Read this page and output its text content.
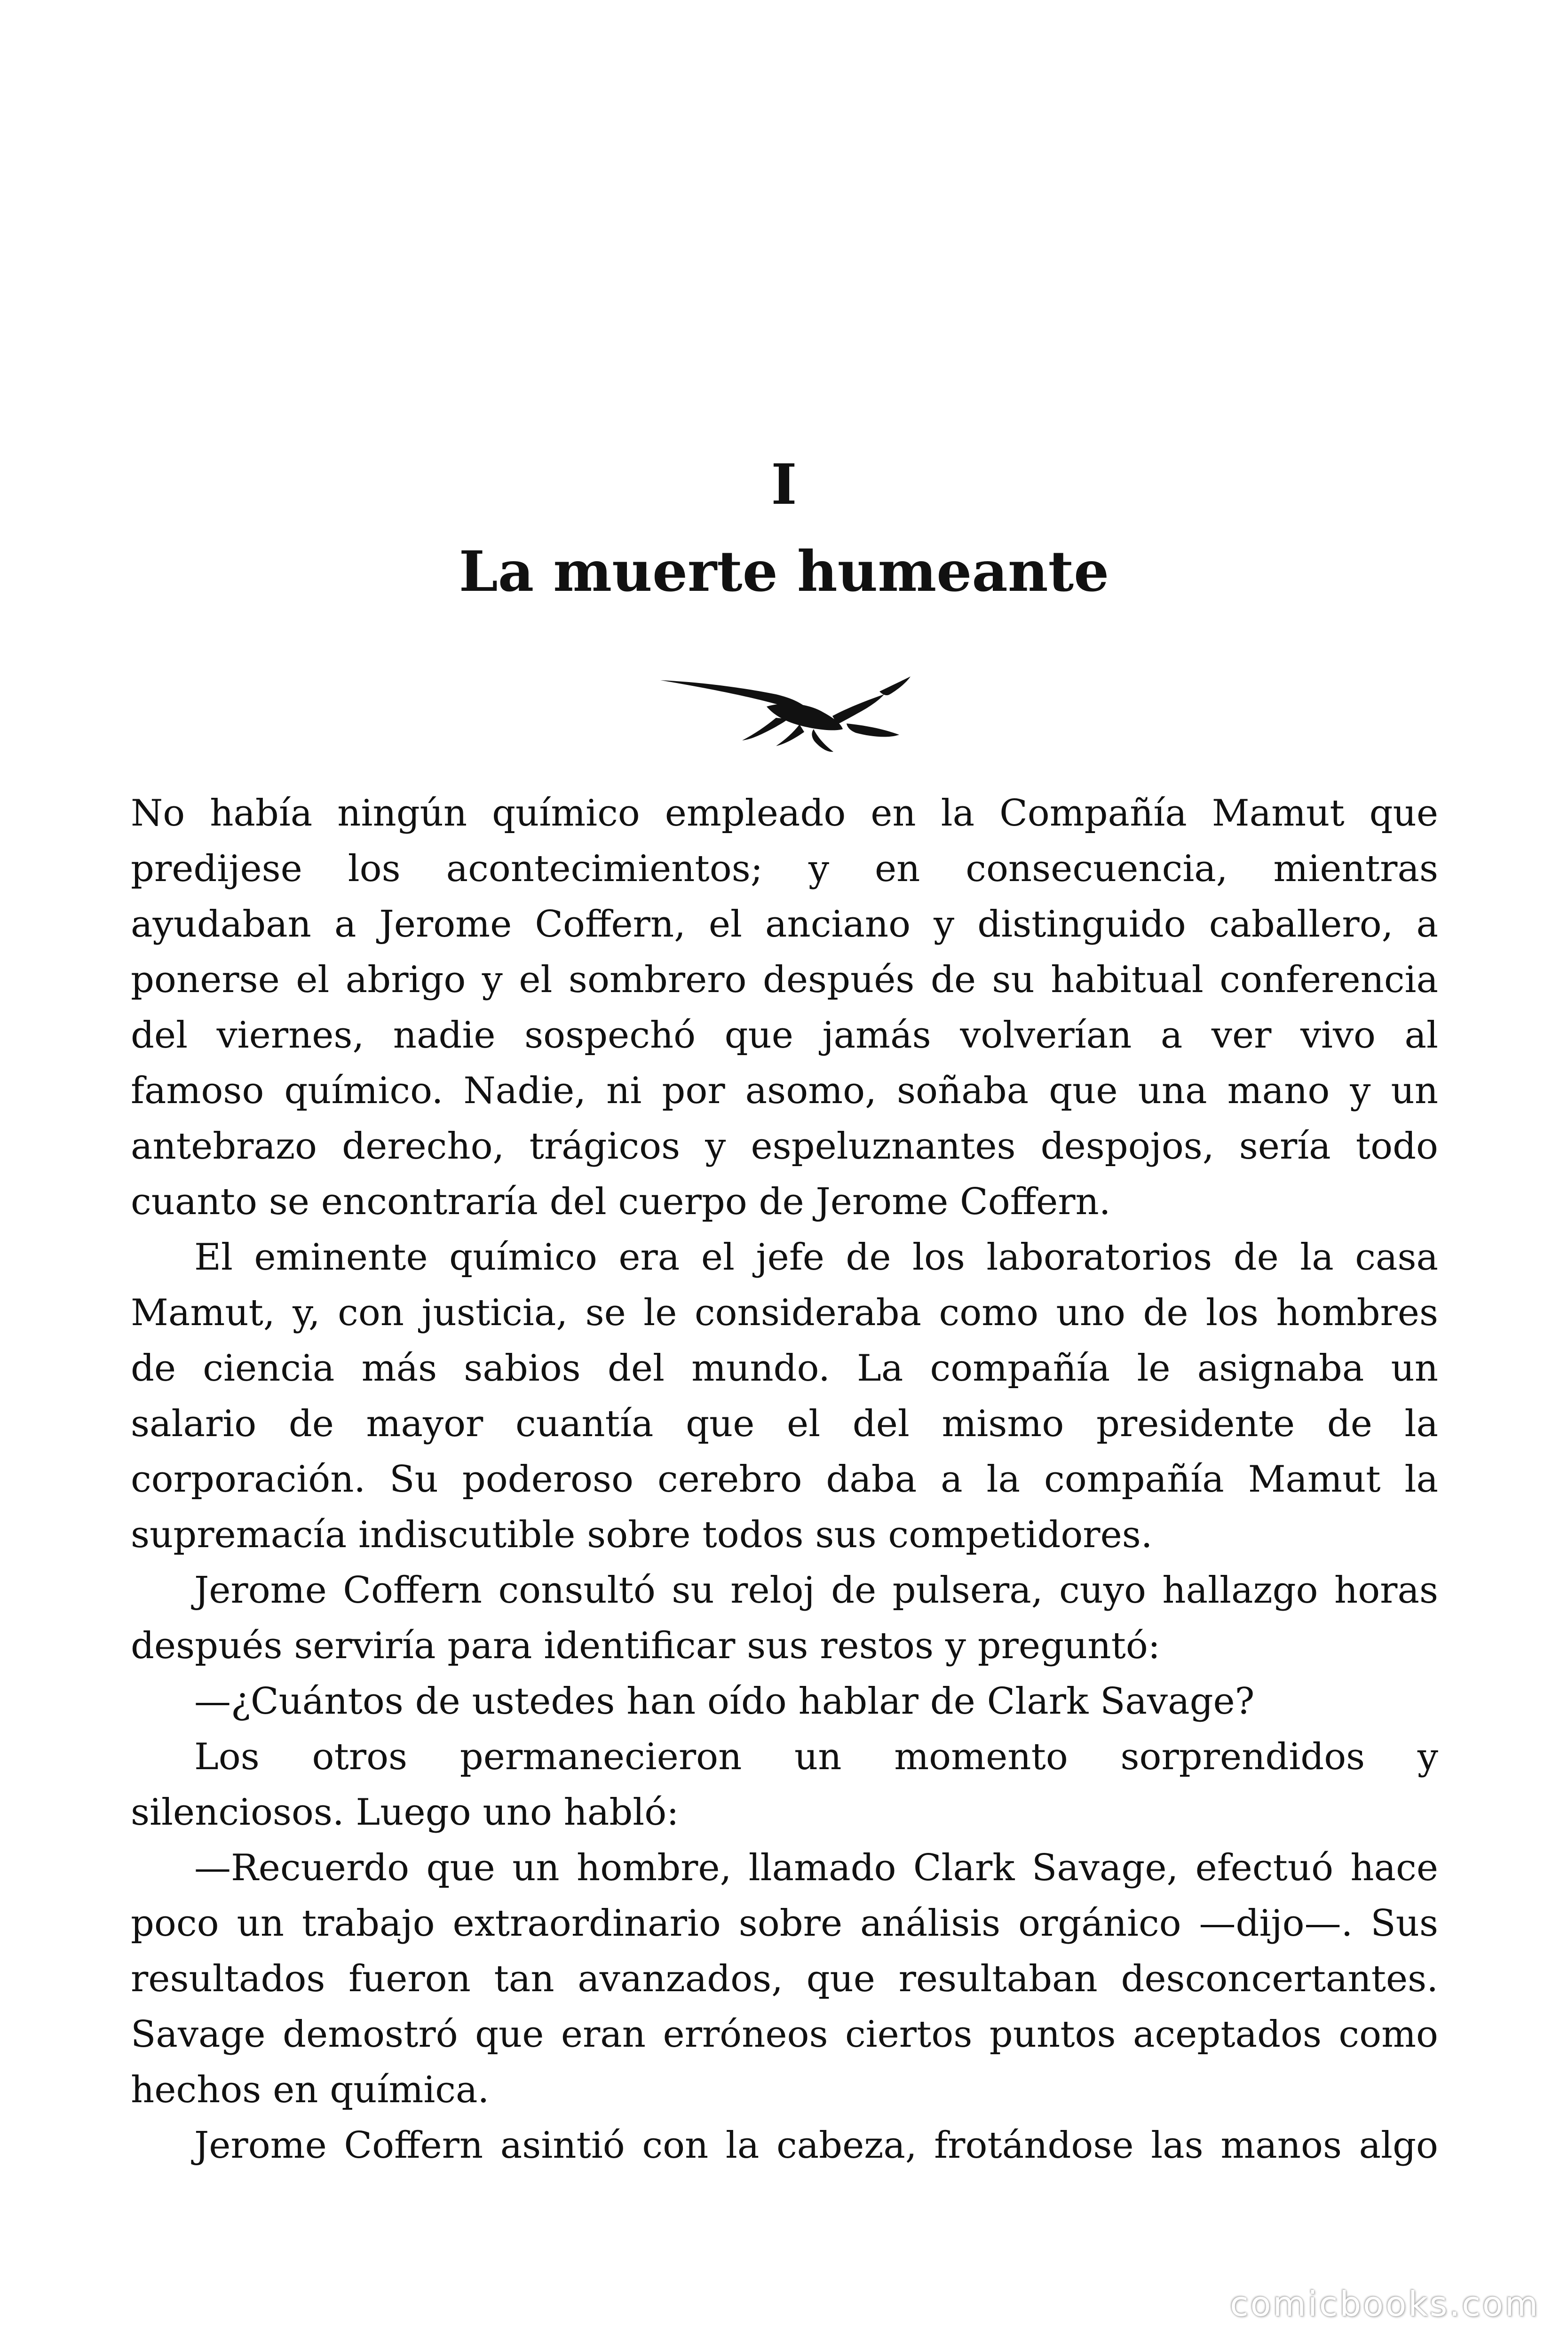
I
La muerte humeante
No había ningún químico empleado en la Compañía Mamut que
predijese los acontecimientos; y en consecuencia, mientras
ayudaban a Jerome Coffern, el anciano y distinguido caballero, a
ponerse el abrigo y el sombrero después de su habitual conferencia
del viernes, nadie sospechó que jamás volverían a ver vivo al
famoso químico. Nadie, ni por asomo, soñaba que una mano y un
antebrazo derecho, trágicos y espeluznantes despojos, sería todo
cuanto se encontraría del cuerpo de Jerome Coffern.
El eminente químico era el jefe de los laboratorios de la casa
Mamut, y, con justicia, se le consideraba como uno de los hombres
de ciencia más sabios del mundo. La compañía le asignaba un
salario de mayor cuantía que el del mismo presidente de la
corporación. Su poderoso cerebro daba a la compañía Mamut la
supremacía indiscutible sobre todos sus competidores.
Jerome Coffern consultó su reloj de pulsera, cuyo hallazgo horas
después serviría para identificar sus restos y preguntó:
—¿Cuántos de ustedes han oído hablar de Clark Savage?
Los otros permanecieron un momento sorprendidos y
silenciosos. Luego uno habló:
—Recuerdo que un hombre, llamado Clark Savage, efectuó hace
poco un trabajo extraordinario sobre análisis orgánico —dijo—. Sus
resultados fueron tan avanzados, que resultaban desconcertantes.
Savage demostró que eran erróneos ciertos puntos aceptados como
hechos en química.
Jerome Coffern asintió con la cabeza, frotándose las manos algo
comicbooks.com
